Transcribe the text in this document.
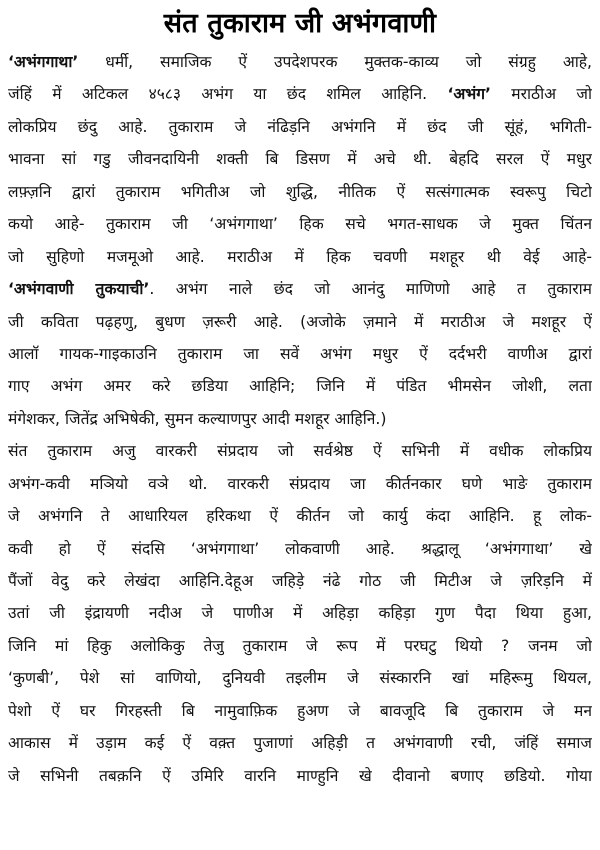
संत तुकाराम जी अभंगवाणी
‘अभंगगाथा’ धर्मी, समाजिक ऐं उपदेशपरक मुक्तक-काव्य जो संग्रहु आहे,
जंहिं में अटिकल ४५८३ अभंग या छंद शमिल आहिनि. ‘अभंग’ मराठीअ जो
लोकप्रिय छंदु आहे. तुकाराम जे नंढिड़नि अभंगनि में छंद जी सूंहं, भगिती-
भावना सां गडु जीवनदायिनी शक्ती बि डिसण में अचे थी. बेहदि सरल ऐं मधुर
लफ़्ज़नि द्वारां तुकाराम भगितीअ जो शुद्धि, नीतिक ऐं सत्संगात्मक स्वरूपु चिटो
कयो आहे- तुकाराम जी ‘अभंगगाथा’ हिक सचे भगत-साधक जे मुक्त चिंतन
जो सुहिणो मजमूओ आहे. मराठीअ में हिक चवणी मशहूर थी वेई आहे-
‘अभंगवाणी तुकयाची’. अभंग नाले छंद जो आनंदु माणिणो आहे त तुकाराम
जी कविता पढ़हणु, बुधण ज़रूरी आहे. (अजोके ज़माने में मराठीअ जे मशहूर ऐं
आलॉ गायक-गाइकाउनि तुकाराम जा सवें अभंग मधुर ऐं दर्दभरी वाणीअ द्वारां
गाए अभंग अमर करे छडिया आहिनि; जिनि में पंडित भीमसेन जोशी, लता
मंगेशकर, जितेंद्र अभिषेकी, सुमन कल्याणपुर आदी मशहूर आहिनि.)
संत तुकाराम अजु वारकरी संप्रदाय जो सर्वश्रेष्ठ ऐं सभिनी में वधीक लोकप्रिय
अभंग-कवी मञियो वञे थो. वारकरी संप्रदाय जा कीर्तनकार घणे भाङे तुकाराम
जे अभंगनि ते आधारियल हरिकथा ऐं कीर्तन जो कार्यु कंदा आहिनि. हू लोक-
कवी हो ऐं संदसि ‘अभंगगाथा’ लोकवाणी आहे. श्रद्धालू ‘अभंगगाथा’ खे
पैंजों वेदु करे लेखंदा आहिनि.देहूअ जहिड़े नंढे गोठ जी मिटीअ जे ज़रिड़नि में
उतां जी इंद्रायणी नदीअ जे पाणीअ में अहिड़ा कहिड़ा गुण पैदा थिया हुआ,
जिनि मां हिकु अलोकिकु तेजु तुकाराम जे रूप में परघटु थियो ? जनम जो
‘कुणबी’, पेशे सां वाणियो, दुनियवी तइलीम जे संस्कारनि खां महिरूमु थियल,
पेशो ऐं घर गिरहस्ती बि नामुवाफ़िक हुअण जे बावजूदि बि तुकाराम जे मन
आकास में उड़ाम कई ऐं वक़्त पुजाणां अहिड़ी त अभंगवाणी रची, जंहिं समाज
जे सभिनी तबक़नि ऐं उमिरि वारनि माण्हुनि खे दीवानो बणाए छडियो. गोया
